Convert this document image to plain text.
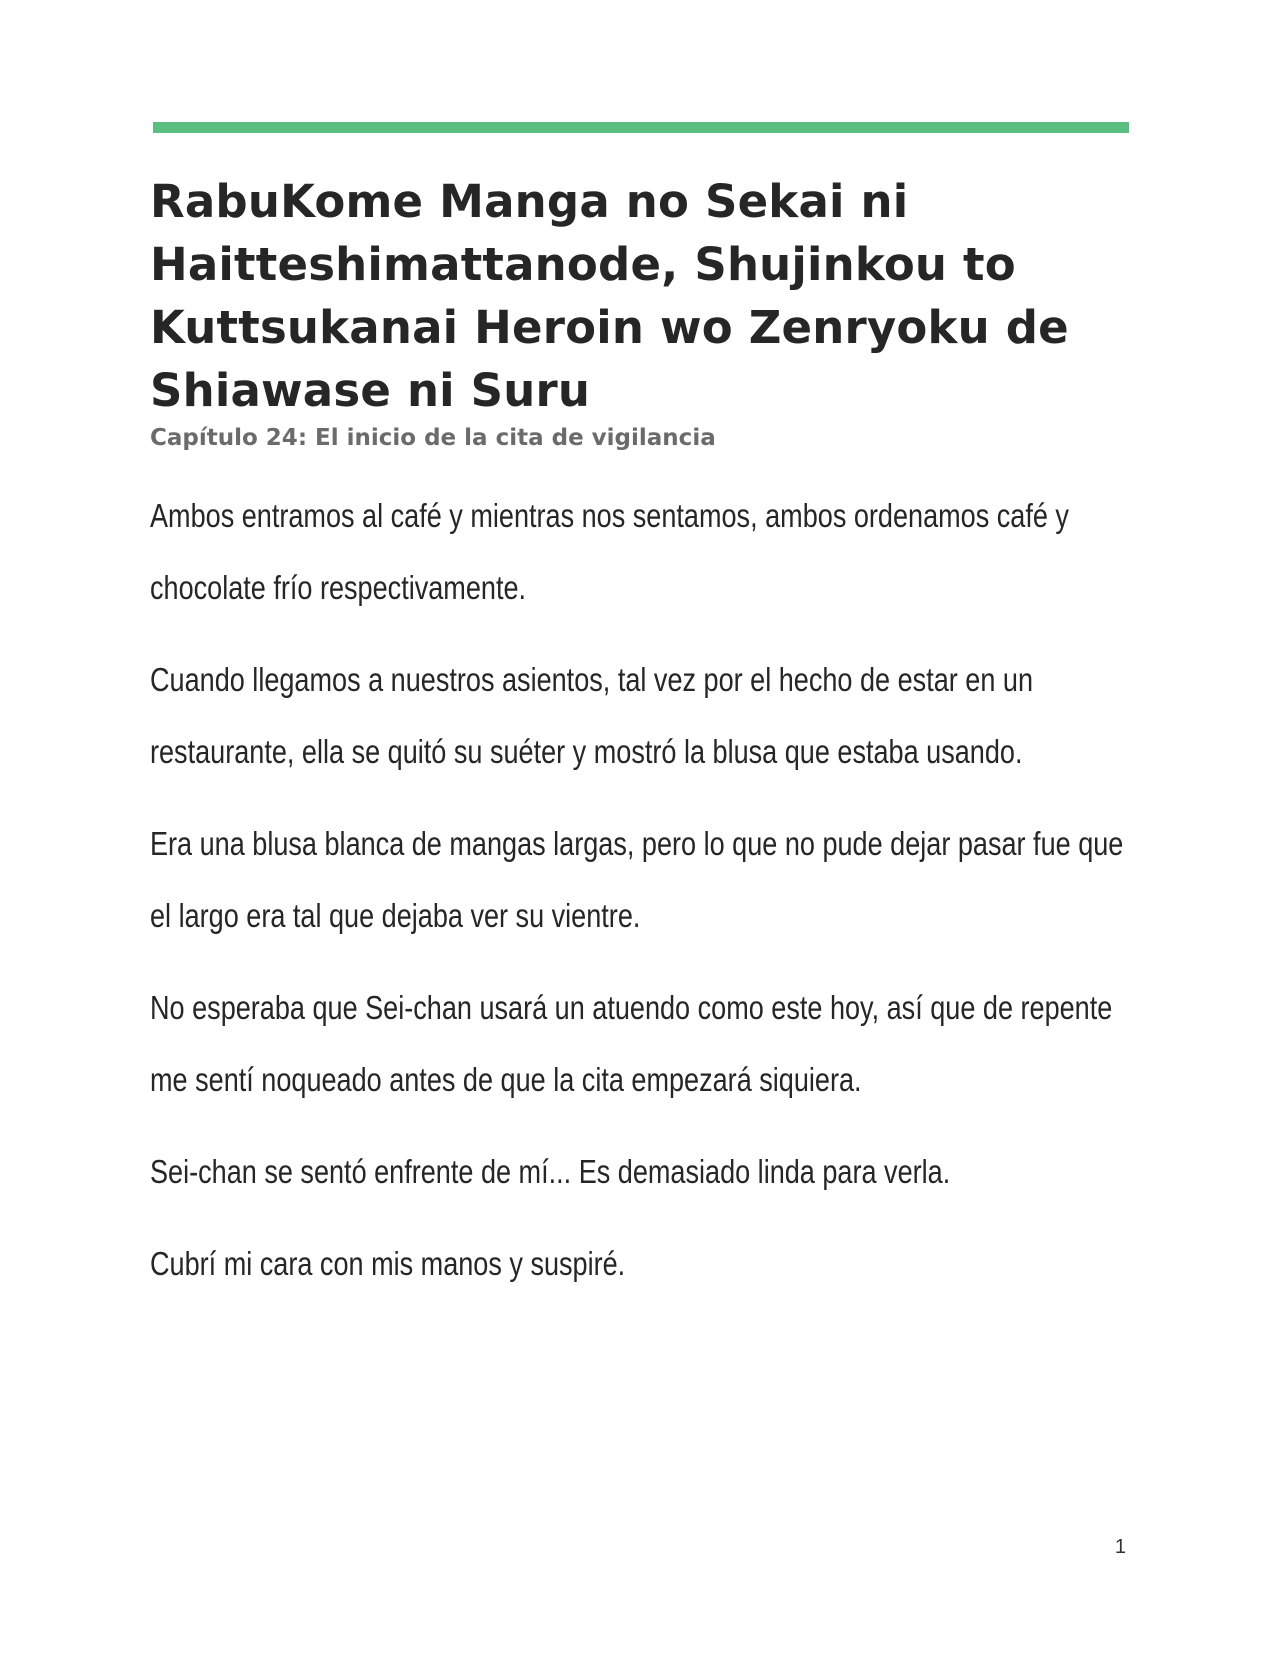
RabuKome Manga no Sekai ni Haitteshimattanode, Shujinkou to Kuttsukanai Heroin wo Zenryoku de Shiawase ni Suru
Capítulo 24: El inicio de la cita de vigilancia

Ambos entramos al café y mientras nos sentamos, ambos ordenamos café y chocolate frío respectivamente.

Cuando llegamos a nuestros asientos, tal vez por el hecho de estar en un restaurante, ella se quitó su suéter y mostró la blusa que estaba usando.

Era una blusa blanca de mangas largas, pero lo que no pude dejar pasar fue que el largo era tal que dejaba ver su vientre.

No esperaba que Sei-chan usará un atuendo como este hoy, así que de repente me sentí noqueado antes de que la cita empezará siquiera.

Sei-chan se sentó enfrente de mí... Es demasiado linda para verla.

Cubrí mi cara con mis manos y suspiré.

1
